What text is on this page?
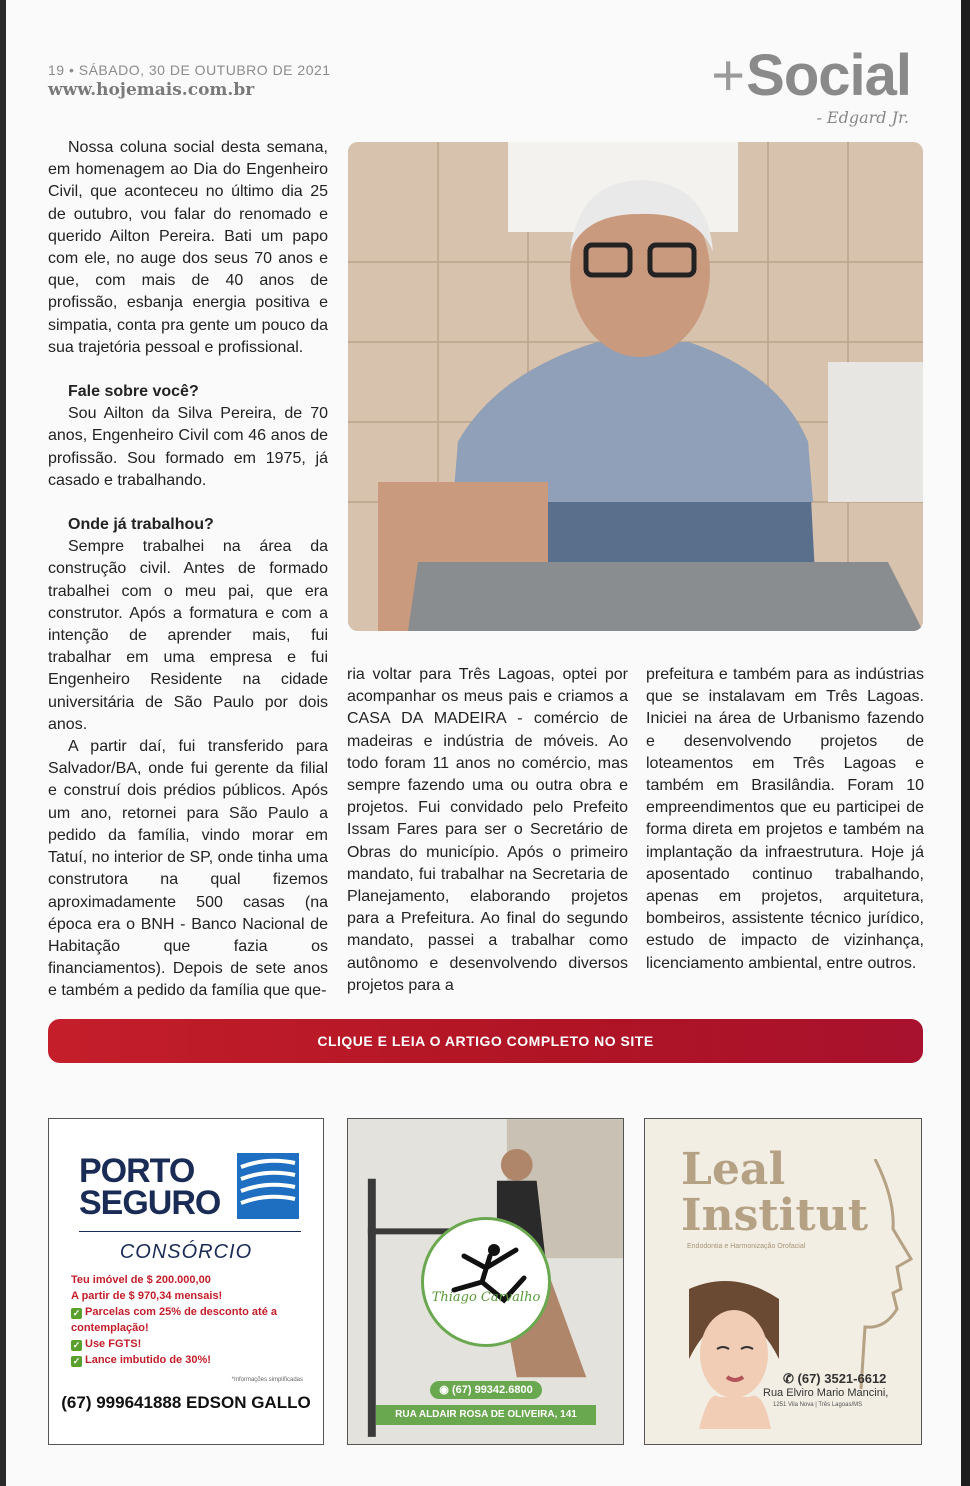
19 • SÁBADO, 30 DE OUTUBRO DE 2021
www.hojemais.com.br	+Social
- Edgard Jr.

Nossa coluna social desta semana, em homenagem ao Dia do Engenheiro Civil, que aconteceu no último dia 25 de outubro, vou falar do renomado e querido Ailton Pereira. Bati um papo com ele, no auge dos seus 70 anos e que, com mais de 40 anos de profissão, esbanja energia positiva e simpatia, conta pra gente um pouco da sua trajetória pessoal e profissional.

Fale sobre você?

Sou Ailton da Silva Pereira, de 70 anos, Engenheiro Civil com 46 anos de profissão. Sou formado em 1975, já casado e trabalhando.

Onde já trabalhou?

Sempre trabalhei na área da construção civil. Antes de formado trabalhei com o meu pai, que era construtor. Após a formatura e com a intenção de aprender mais, fui trabalhar em uma empresa e fui Engenheiro Residente na cidade universitária de São Paulo por dois anos.

A partir daí, fui transferido para Salvador/BA, onde fui gerente da filial e construí dois prédios públicos. Após um ano, retornei para São Paulo a pedido da família, vindo morar em Tatuí, no interior de SP, onde tinha uma construtora na qual fizemos aproximadamente 500 casas (na época era o BNH - Banco Nacional de Habitação que fazia os financiamentos). Depois de sete anos e também a pedido da família que que-

ria voltar para Três Lagoas, optei por acompanhar os meus pais e criamos a CASA DA MADEIRA - comércio de madeiras e indústria de móveis. Ao todo foram 11 anos no comércio, mas sempre fazendo uma ou outra obra e projetos. Fui convidado pelo Prefeito Issam Fares para ser o Secretário de Obras do município. Após o primeiro mandato, fui trabalhar na Secretaria de Planejamento, elaborando projetos para a Prefeitura. Ao final do segundo mandato, passei a trabalhar como autônomo e desenvolvendo diversos projetos para a

prefeitura e também para as indústrias que se instalavam em Três Lagoas. Iniciei na área de Urbanismo fazendo e desenvolvendo projetos de loteamentos em Três Lagoas e também em Brasilândia. Foram 10 empreendimentos que eu participei de forma direta em projetos e também na implantação da infraestrutura. Hoje já aposentado continuo trabalhando, apenas em projetos, arquitetura, bombeiros, assistente técnico jurídico, estudo de impacto de vizinhança, licenciamento ambiental, entre outros.

CLIQUE E LEIA O ARTIGO COMPLETO NO SITE
PORTO
SEGURO
CONSÓRCIO
Teu imóvel de $ 200.000,00
A partir de $ 970,34 mensais!
✓ Parcelas com 25% de desconto até a contemplação!
✓ Use FGTS!
✓ Lance imbutido de 30%!
*Informações simplificadas
(67) 999641888 EDSON GALLO
Thiago Carvalho
◉ (67) 99342.6800
RUA ALDAIR ROSA DE OLIVEIRA, 141
Leal
Institut
Endodontia e Harmonização Orofacial
✆ (67) 3521-6612
Rua Elviro Mario Mancini,
1251 Vila Nova | Três Lagoas/MS
